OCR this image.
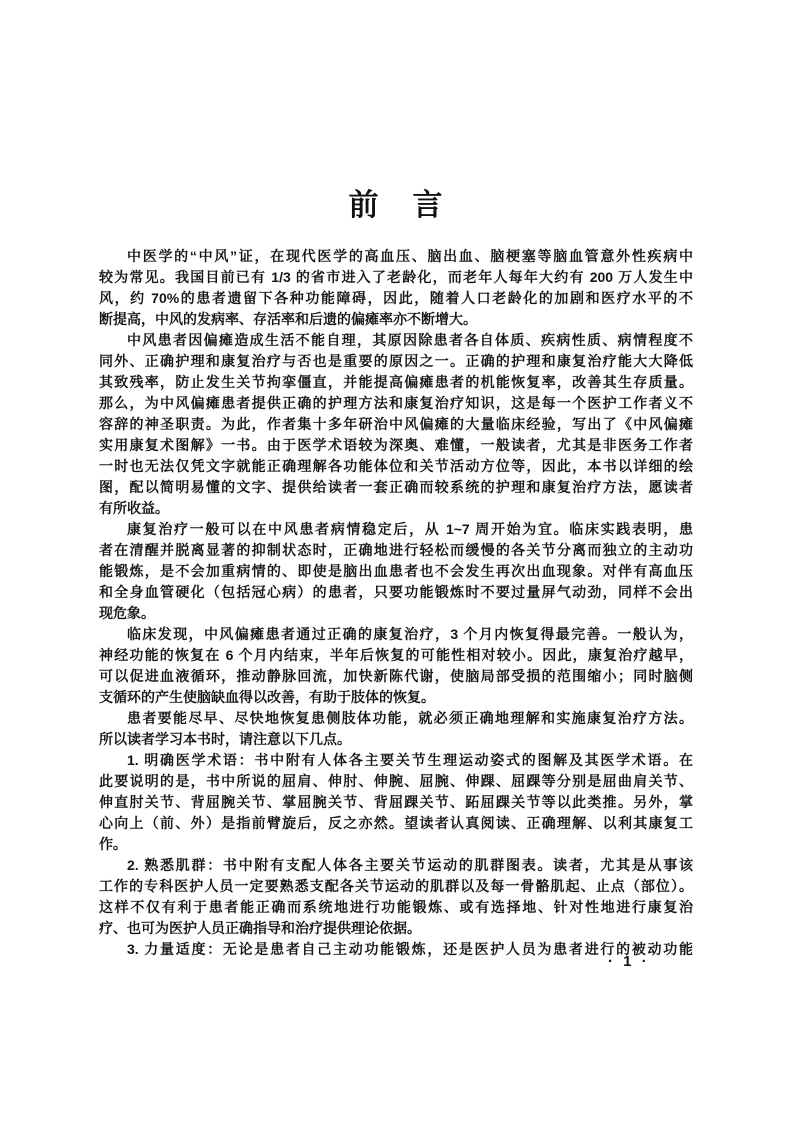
前　言
中医学的“中风”证，在现代医学的高血压、脑出血、脑梗塞等脑血管意外性疾病中
较为常见。我国目前已有 1/3 的省市进入了老龄化，而老年人每年大约有 200 万人发生中
风，约 70%的患者遗留下各种功能障碍，因此，随着人口老龄化的加剧和医疗水平的不
断提高，中风的发病率、存活率和后遗的偏瘫率亦不断增大。
中风患者因偏瘫造成生活不能自理，其原因除患者各自体质、疾病性质、病情程度不
同外、正确护理和康复治疗与否也是重要的原因之一。正确的护理和康复治疗能大大降低
其致残率，防止发生关节拘挛僵直，并能提高偏瘫患者的机能恢复率，改善其生存质量。
那么，为中风偏瘫患者提供正确的护理方法和康复治疗知识，这是每一个医护工作者义不
容辞的神圣职责。为此，作者集十多年研治中风偏瘫的大量临床经验，写出了《中风偏瘫
实用康复术图解》一书。由于医学术语较为深奥、难懂，一般读者，尤其是非医务工作者
一时也无法仅凭文字就能正确理解各功能体位和关节活动方位等，因此，本书以详细的绘
图，配以简明易懂的文字、提供给读者一套正确而较系统的护理和康复治疗方法，愿读者
有所收益。
康复治疗一般可以在中风患者病情稳定后，从 1~7 周开始为宜。临床实践表明，患
者在清醒并脱离显著的抑制状态时，正确地进行轻松而缓慢的各关节分离而独立的主动功
能锻炼，是不会加重病情的、即使是脑出血患者也不会发生再次出血现象。对伴有高血压
和全身血管硬化（包括冠心病）的患者，只要功能锻炼时不要过量屏气动劲，同样不会出
现危象。
临床发现，中风偏瘫患者通过正确的康复治疗，3 个月内恢复得最完善。一般认为，
神经功能的恢复在 6 个月内结束，半年后恢复的可能性相对较小。因此，康复治疗越早，
可以促进血液循环，推动静脉回流，加快新陈代谢，使脑局部受损的范围缩小；同时脑侧
支循环的产生使脑缺血得以改善，有助于肢体的恢复。
患者要能尽早、尽快地恢复患侧肢体功能，就必须正确地理解和实施康复治疗方法。
所以读者学习本书时，请注意以下几点。
1. 明确医学术语：书中附有人体各主要关节生理运动姿式的图解及其医学术语。在
此要说明的是，书中所说的屈肩、伸肘、伸腕、屈腕、伸踝、屈踝等分别是屈曲肩关节、
伸直肘关节、背屈腕关节、掌屈腕关节、背屈踝关节、跖屈踝关节等以此类推。另外，掌
心向上（前、外）是指前臂旋后，反之亦然。望读者认真阅读、正确理解、以利其康复工
作。
2. 熟悉肌群：书中附有支配人体各主要关节运动的肌群图表。读者，尤其是从事该
工作的专科医护人员一定要熟悉支配各关节运动的肌群以及每一骨骼肌起、止点（部位）。
这样不仅有利于患者能正确而系统地进行功能锻炼、或有选择地、针对性地进行康复治
疗、也可为医护人员正确指导和治疗提供理论依据。
3. 力量适度：无论是患者自己主动功能锻炼，还是医护人员为患者进行的被动功能
· 1 ·
